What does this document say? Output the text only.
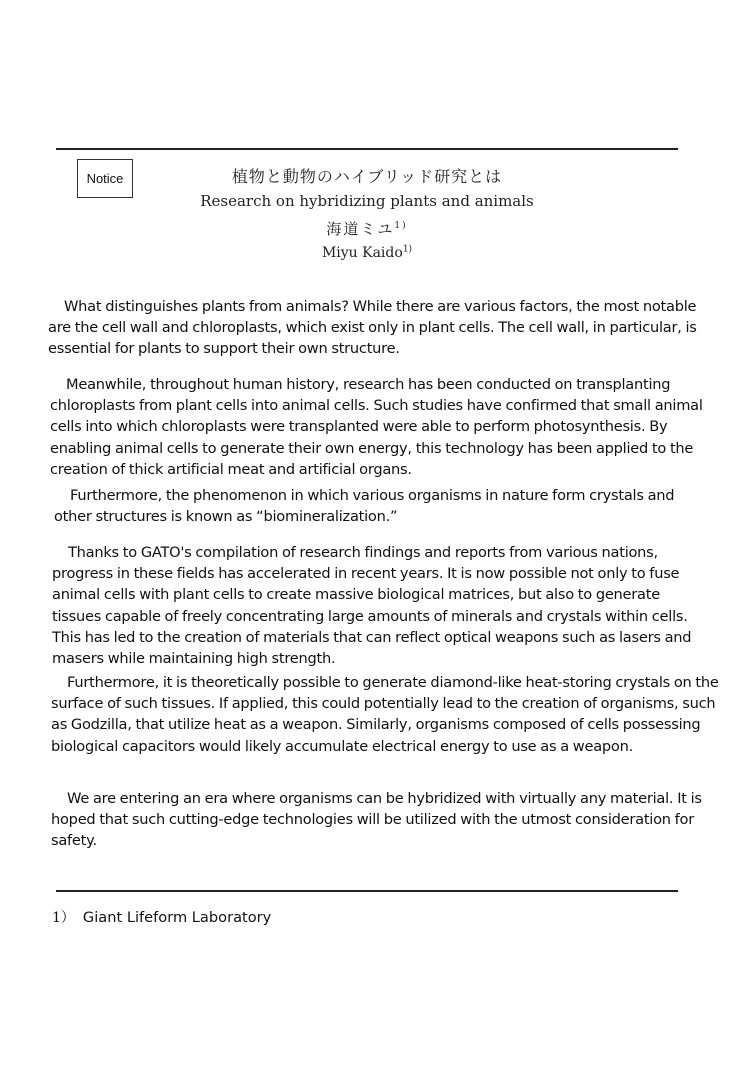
Notice	植物と動物のハイブリッド研究とは
Research on hybridizing plants and animals
海道ミユ$^{1)}$
Miyu Kaido$^{1)}$

What distinguishes plants from animals? While there are various factors, the most notable are the cell wall and chloroplasts, which exist only in plant cells. The cell wall, in particular, is essential for plants to support their own structure.

Meanwhile, throughout human history, research has been conducted on transplanting chloroplasts from plant cells into animal cells. Such studies have confirmed that small animal cells into which chloroplasts were transplanted were able to perform photosynthesis. By enabling animal cells to generate their own energy, this technology has been applied to the creation of thick artificial meat and artificial organs.

Furthermore, the phenomenon in which various organisms in nature form crystals and other structures is known as “biomineralization.”

Thanks to GATO's compilation of research findings and reports from various nations, progress in these fields has accelerated in recent years. It is now possible not only to fuse animal cells with plant cells to create massive biological matrices, but also to generate tissues capable of freely concentrating large amounts of minerals and crystals within cells. This has led to the creation of materials that can reflect optical weapons such as lasers and masers while maintaining high strength.

Furthermore, it is theoretically possible to generate diamond-like heat-storing crystals on the surface of such tissues. If applied, this could potentially lead to the creation of organisms, such as Godzilla, that utilize heat as a weapon. Similarly, organisms composed of cells possessing biological capacitors would likely accumulate electrical energy to use as a weapon.

We are entering an era where organisms can be hybridized with virtually any material. It is hoped that such cutting-edge technologies will be utilized with the utmost consideration for safety.

1） Giant Lifeform Laboratory
